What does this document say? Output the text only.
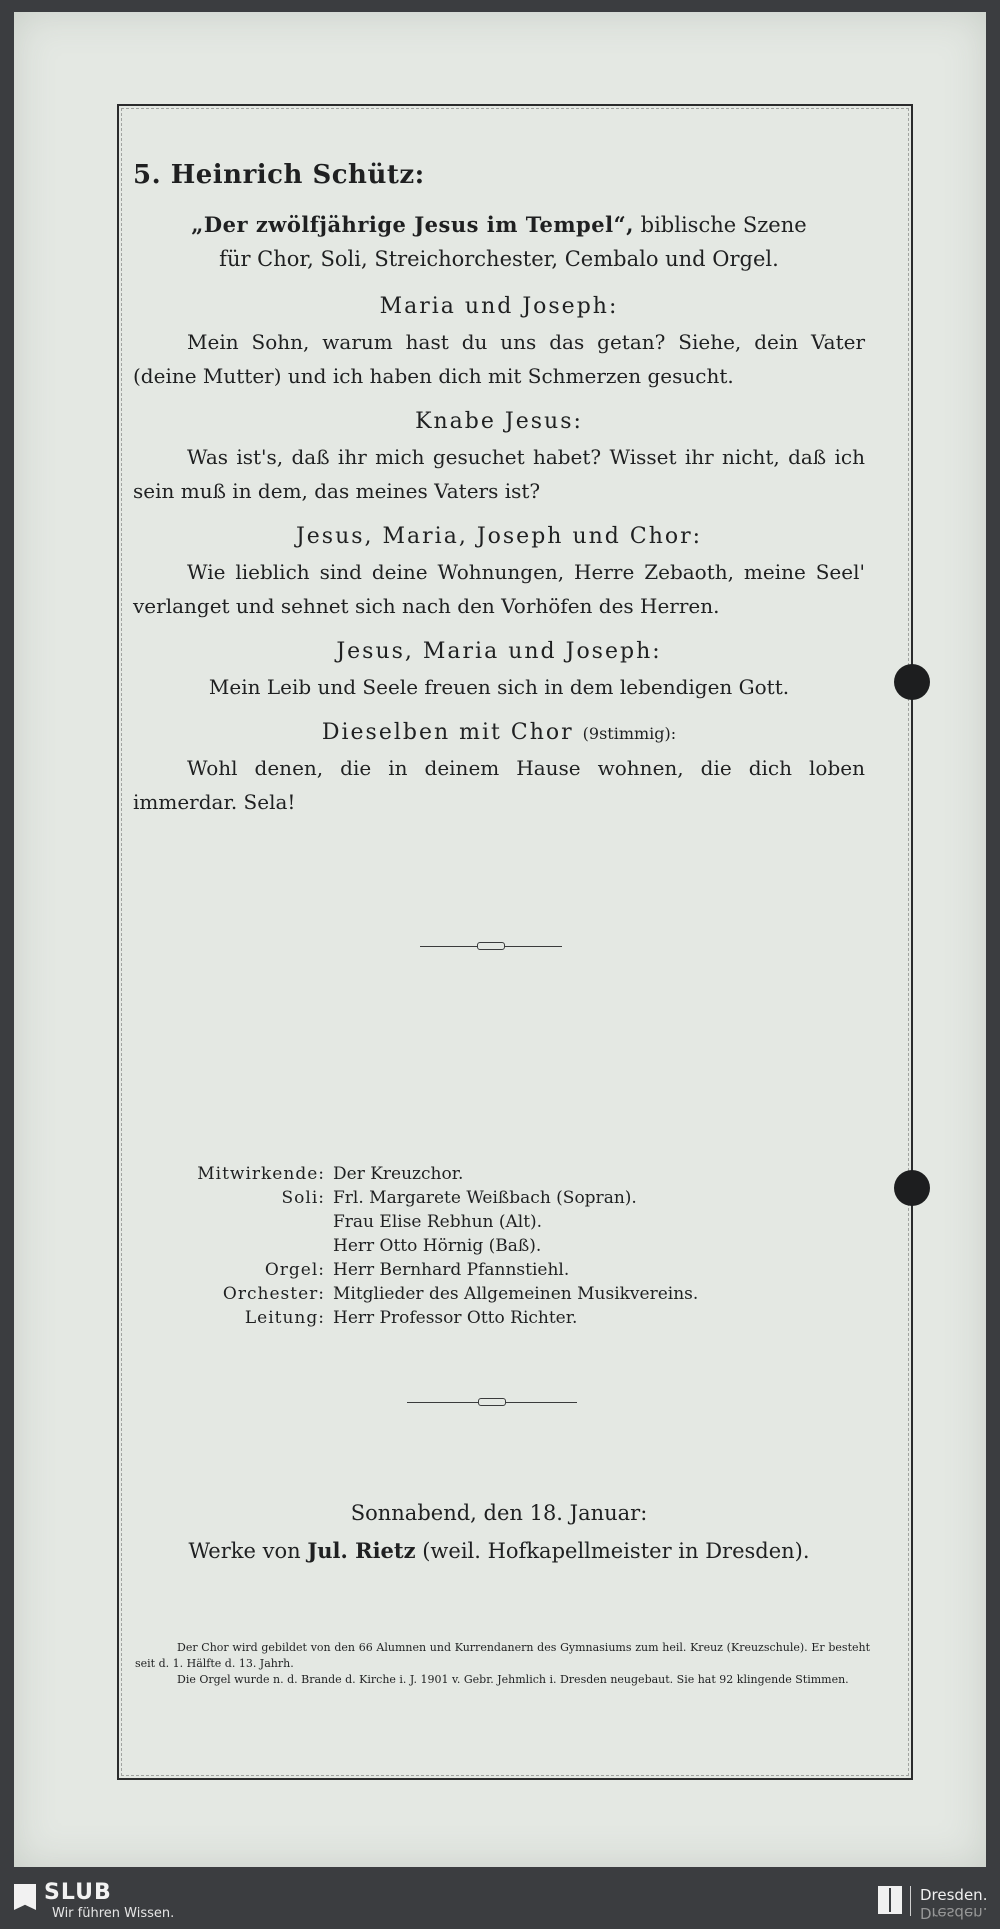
5. Heinrich Schütz:
„Der zwölfjährige Jesus im Tempel“, biblische Szene
für Chor, Soli, Streichorchester, Cembalo und Orgel.
Maria und Joseph:

Mein Sohn, warum hast du uns das getan? Siehe, dein Vater (deine Mutter) und ich haben dich mit Schmerzen gesucht.

Knabe Jesus:

Was ist's, daß ihr mich gesuchet habet? Wisset ihr nicht, daß ich sein muß in dem, das meines Vaters ist?

Jesus, Maria, Joseph und Chor:

Wie lieblich sind deine Wohnungen, Herre Zebaoth, meine Seel' verlanget und sehnet sich nach den Vorhöfen des Herren.

Jesus, Maria und Joseph:

Mein Leib und Seele freuen sich in dem lebendigen Gott.

Dieselben mit Chor (9stimmig):

Wohl denen, die in deinem Hause wohnen, die dich loben immerdar. Sela!

Mitwirkende: Der Kreuzchor.
Soli: Frl. Margarete Weißbach (Sopran).
Frau Elise Rebhun (Alt).
Herr Otto Hörnig (Baß).
Orgel: Herr Bernhard Pfannstiehl.
Orchester: Mitglieder des Allgemeinen Musikvereins.
Leitung: Herr Professor Otto Richter.
Sonnabend, den 18. Januar:
Werke von Jul. Rietz (weil. Hofkapellmeister in Dresden).

Der Chor wird gebildet von den 66 Alumnen und Kurrendanern des Gymnasiums zum heil. Kreuz (Kreuzschule). Er besteht seit d. 1. Hälfte d. 13. Jahrh.

Die Orgel wurde n. d. Brande d. Kirche i. J. 1901 v. Gebr. Jehmlich i. Dresden neugebaut. Sie hat 92 klingende Stimmen.

SLUB
Wir führen Wissen.
Dresden.
Dresden.
